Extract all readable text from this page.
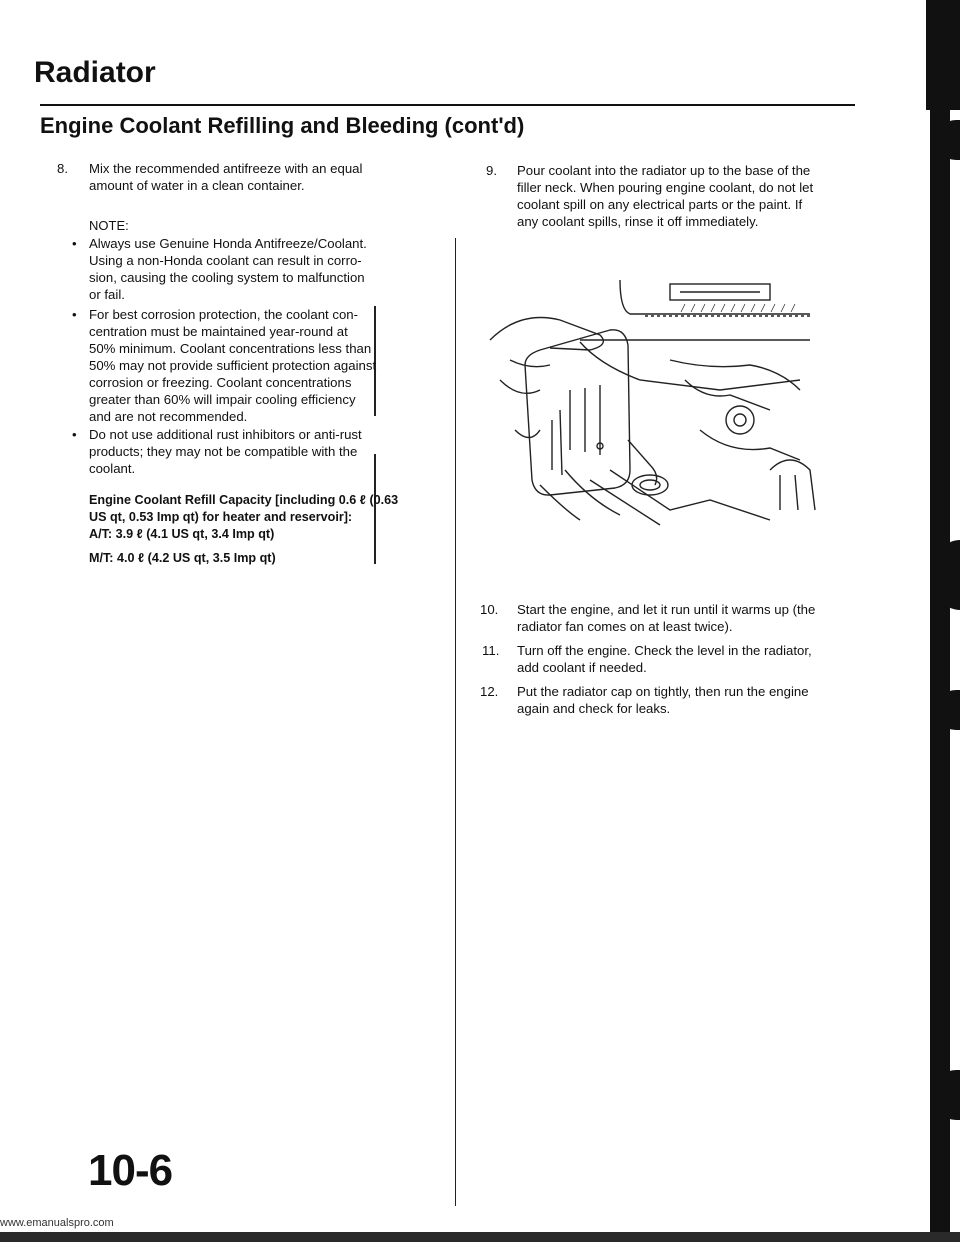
Radiator
Engine Coolant Refilling and Bleeding (cont'd)
8. Mix the recommended antifreeze with an equal
amount of water in a clean container.
NOTE:
• Always use Genuine Honda Antifreeze/Coolant.
Using a non-Honda coolant can result in corro-
sion, causing the cooling system to malfunction
or fail.
• For best corrosion protection, the coolant con-
centration must be maintained year-round at
50% minimum. Coolant concentrations less than
50% may not provide sufficient protection against
corrosion or freezing. Coolant concentrations
greater than 60% will impair cooling efficiency
and are not recommended.
• Do not use additional rust inhibitors or anti-rust
products; they may not be compatible with the
coolant.
Engine Coolant Refill Capacity [including 0.6 ℓ (0.63
US qt, 0.53 Imp qt) for heater and reservoir]:
A/T: 3.9 ℓ (4.1 US qt, 3.4 Imp qt)
M/T: 4.0 ℓ (4.2 US qt, 3.5 Imp qt)
9. Pour coolant into the radiator up to the base of the
filler neck. When pouring engine coolant, do not let
coolant spill on any electrical parts or the paint. If
any coolant spills, rinse it off immediately.
10. Start the engine, and let it run until it warms up (the
radiator fan comes on at least twice).
11. Turn off the engine. Check the level in the radiator,
add coolant if needed.
12. Put the radiator cap on tightly, then run the engine
again and check for leaks.
10-6
www.emanualspro.com
